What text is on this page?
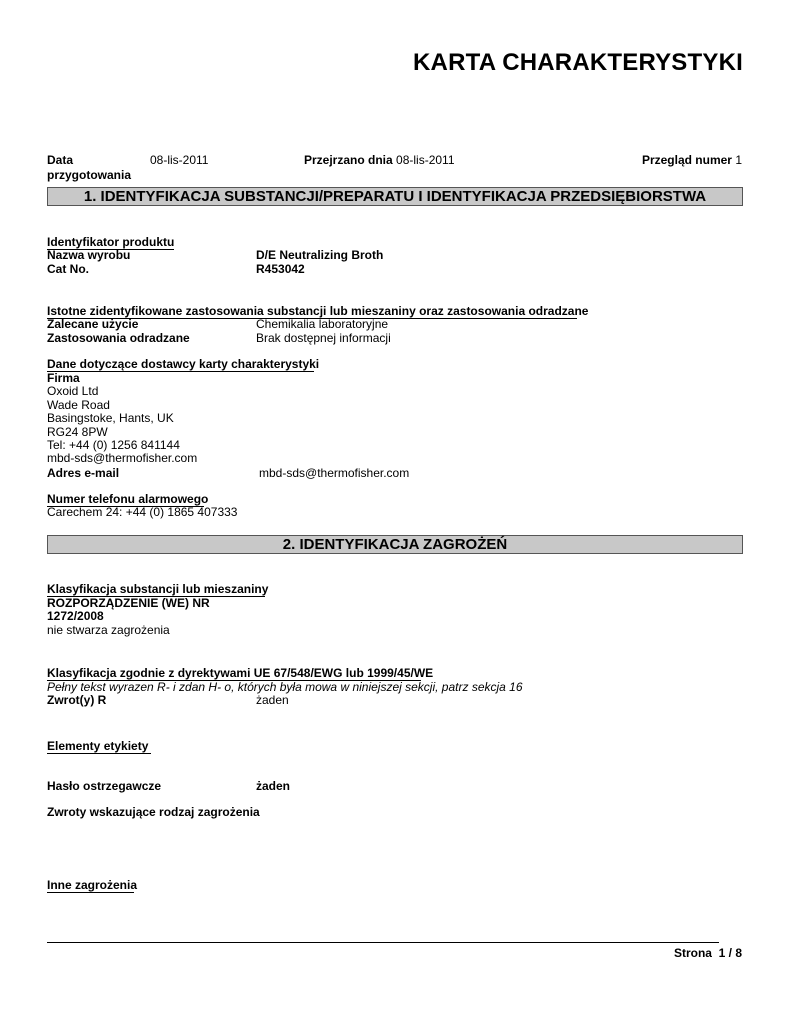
KARTA CHARAKTERYSTYKI
Data
przygotowania
08-lis-2011	Przejrzano dnia 08-lis-2011	Przegląd numer 1
1. IDENTYFIKACJA SUBSTANCJI/PREPARATU I IDENTYFIKACJA PRZEDSIĘBIORSTWA
Identyfikator produktu
Nazwa wyrobu	D/E Neutralizing Broth
Cat No.	R453042
Istotne zidentyfikowane zastosowania substancji lub mieszaniny oraz zastosowania odradzane
Zalecane użycie	Chemikalia laboratoryjne
Zastosowania odradzane	Brak dostępnej informacji
Dane dotyczące dostawcy karty charakterystyki
Firma
Oxoid Ltd
Wade Road
Basingstoke, Hants, UK
RG24 8PW
Tel: +44 (0) 1256 841144
mbd-sds@thermofisher.com
Adres e-mail	mbd-sds@thermofisher.com
Numer telefonu alarmowego
Carechem 24: +44 (0) 1865 407333
2. IDENTYFIKACJA ZAGROŻEŃ
Klasyfikacja substancji lub mieszaniny
ROZPORZĄDZENIE (WE) NR
1272/2008
nie stwarza zagrożenia
Klasyfikacja zgodnie z dyrektywami UE 67/548/EWG lub 1999/45/WE
Pełny tekst wyrazen R- i zdan H- o, których była mowa w niniejszej sekcji, patrz sekcja 16
Zwrot(y) R	żaden
Elementy etykiety
Hasło ostrzegawcze	żaden
Zwroty wskazujące rodzaj zagrożenia
Inne zagrożenia
Strona 1 / 8
